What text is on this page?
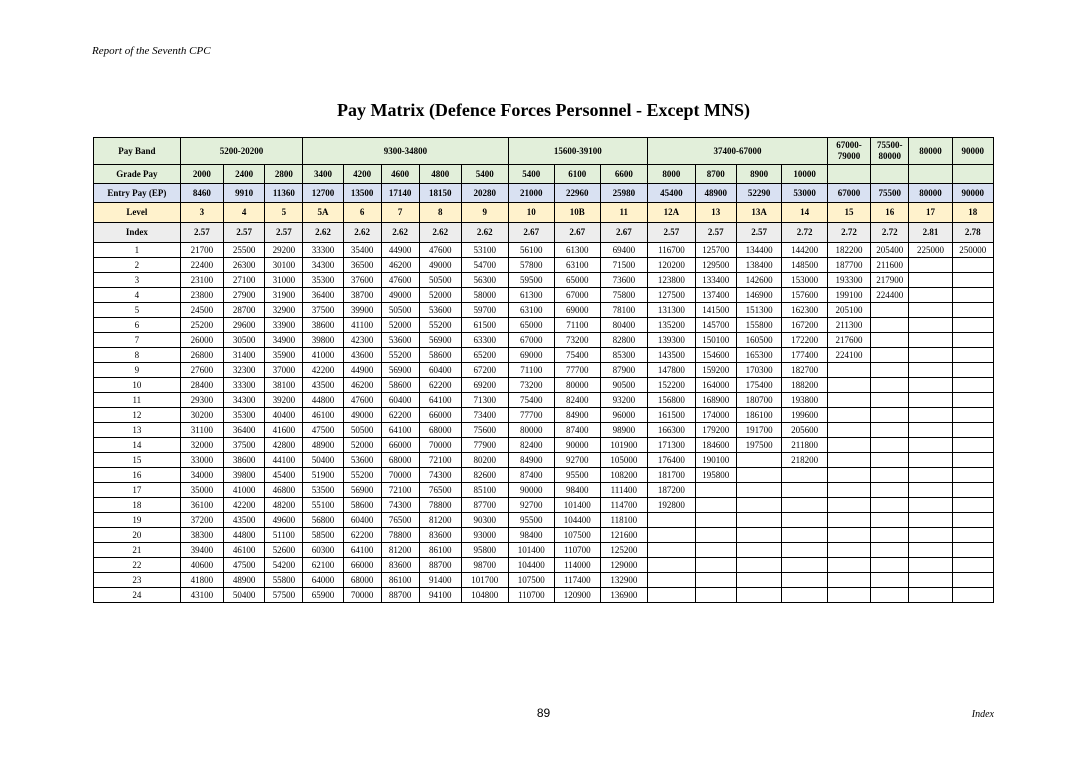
Report of the Seventh CPC
Pay Matrix (Defence Forces Personnel - Except MNS)
Pay Band	5200-20200			9300-34800					15600-39100			37400-67000				67000-
79000	75500-
80000	80000	90000
Grade Pay	2000	2400	2800	3400	4200	4600	4800	5400	5400	6100	6600	8000	8700	8900	10000				
Entry Pay (EP)	8460	9910	11360	12700	13500	17140	18150	20280	21000	22960	25980	45400	48900	52290	53000	67000	75500	80000	90000
Level	3	4	5	5A	6	7	8	9	10	10B	11	12A	13	13A	14	15	16	17	18
Index	2.57	2.57	2.57	2.62	2.62	2.62	2.62	2.62	2.67	2.67	2.67	2.57	2.57	2.57	2.72	2.72	2.72	2.81	2.78
1	21700	25500	29200	33300	35400	44900	47600	53100	56100	61300	69400	116700	125700	134400	144200	182200	205400	225000	250000
2	22400	26300	30100	34300	36500	46200	49000	54700	57800	63100	71500	120200	129500	138400	148500	187700	211600		
3	23100	27100	31000	35300	37600	47600	50500	56300	59500	65000	73600	123800	133400	142600	153000	193300	217900		
4	23800	27900	31900	36400	38700	49000	52000	58000	61300	67000	75800	127500	137400	146900	157600	199100	224400		
5	24500	28700	32900	37500	39900	50500	53600	59700	63100	69000	78100	131300	141500	151300	162300	205100			
6	25200	29600	33900	38600	41100	52000	55200	61500	65000	71100	80400	135200	145700	155800	167200	211300			
7	26000	30500	34900	39800	42300	53600	56900	63300	67000	73200	82800	139300	150100	160500	172200	217600			
8	26800	31400	35900	41000	43600	55200	58600	65200	69000	75400	85300	143500	154600	165300	177400	224100			
9	27600	32300	37000	42200	44900	56900	60400	67200	71100	77700	87900	147800	159200	170300	182700				
10	28400	33300	38100	43500	46200	58600	62200	69200	73200	80000	90500	152200	164000	175400	188200				
11	29300	34300	39200	44800	47600	60400	64100	71300	75400	82400	93200	156800	168900	180700	193800				
12	30200	35300	40400	46100	49000	62200	66000	73400	77700	84900	96000	161500	174000	186100	199600				
13	31100	36400	41600	47500	50500	64100	68000	75600	80000	87400	98900	166300	179200	191700	205600				
14	32000	37500	42800	48900	52000	66000	70000	77900	82400	90000	101900	171300	184600	197500	211800				
15	33000	38600	44100	50400	53600	68000	72100	80200	84900	92700	105000	176400	190100		218200				
16	34000	39800	45400	51900	55200	70000	74300	82600	87400	95500	108200	181700	195800						
17	35000	41000	46800	53500	56900	72100	76500	85100	90000	98400	111400	187200							
18	36100	42200	48200	55100	58600	74300	78800	87700	92700	101400	114700	192800							
19	37200	43500	49600	56800	60400	76500	81200	90300	95500	104400	118100								
20	38300	44800	51100	58500	62200	78800	83600	93000	98400	107500	121600								
21	39400	46100	52600	60300	64100	81200	86100	95800	101400	110700	125200								
22	40600	47500	54200	62100	66000	83600	88700	98700	104400	114000	129000								
23	41800	48900	55800	64000	68000	86100	91400	101700	107500	117400	132900								
24	43100	50400	57500	65900	70000	88700	94100	104800	110700	120900	136900								
89	Index
